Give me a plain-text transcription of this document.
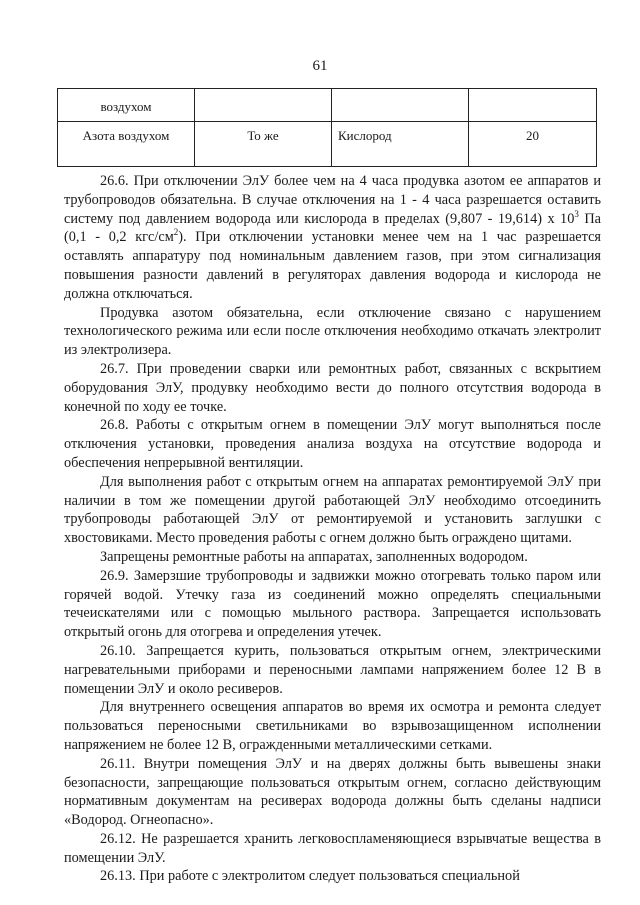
61
воздухом			

Азота воздухом	То же	Кислород	20

26.6. При отключении ЭлУ более чем на 4 часа продувка азотом ее аппаратов и трубопроводов обязательна. В случае отключения на 1 - 4 часа разрешается оставить систему под давлением водорода или кислорода в пределах (9,807 - 19,614) x $10^3$ Па (0,1 - 0,2 кгс/$см^2$). При отключении установки менее чем на 1 час разрешается оставлять аппаратуру под номинальным давлением газов, при этом сигнализация повышения разности давлений в регуляторах давления водорода и кислорода не должна отключаться.

Продувка азотом обязательна, если отключение связано с нарушением технологического режима или если после отключения необходимо откачать электролит из электролизера.

26.7. При проведении сварки или ремонтных работ, связанных с вскрытием оборудования ЭлУ, продувку необходимо вести до полного отсутствия водорода в конечной по ходу ее точке.

26.8. Работы с открытым огнем в помещении ЭлУ могут выполняться после отключения установки, проведения анализа воздуха на отсутствие водорода и обеспечения непрерывной вентиляции.

Для выполнения работ с открытым огнем на аппаратах ремонтируемой ЭлУ при наличии в том же помещении другой работающей ЭлУ необходимо отсоединить трубопроводы работающей ЭлУ от ремонтируемой и установить заглушки с хвостовиками. Место проведения работы с огнем должно быть ограждено щитами.

Запрещены ремонтные работы на аппаратах, заполненных водородом.

26.9. Замерзшие трубопроводы и задвижки можно отогревать только паром или горячей водой. Утечку газа из соединений можно определять специальными течеискателями или с помощью мыльного раствора. Запрещается использовать открытый огонь для отогрева и определения утечек.

26.10. Запрещается курить, пользоваться открытым огнем, электрическими нагревательными приборами и переносными лампами напряжением более 12 В в помещении ЭлУ и около ресиверов.

Для внутреннего освещения аппаратов во время их осмотра и ремонта следует пользоваться переносными светильниками во взрывозащищенном исполнении напряжением не более 12 В, огражденными металлическими сетками.

26.11. Внутри помещения ЭлУ и на дверях должны быть вывешены знаки безопасности, запрещающие пользоваться открытым огнем, согласно действующим нормативным документам на ресиверах водорода должны быть сделаны надписи «Водород. Огнеопасно».

26.12. Не разрешается хранить легковоспламеняющиеся взрывчатые вещества в помещении ЭлУ.

26.13. При работе с электролитом следует пользоваться специальной
